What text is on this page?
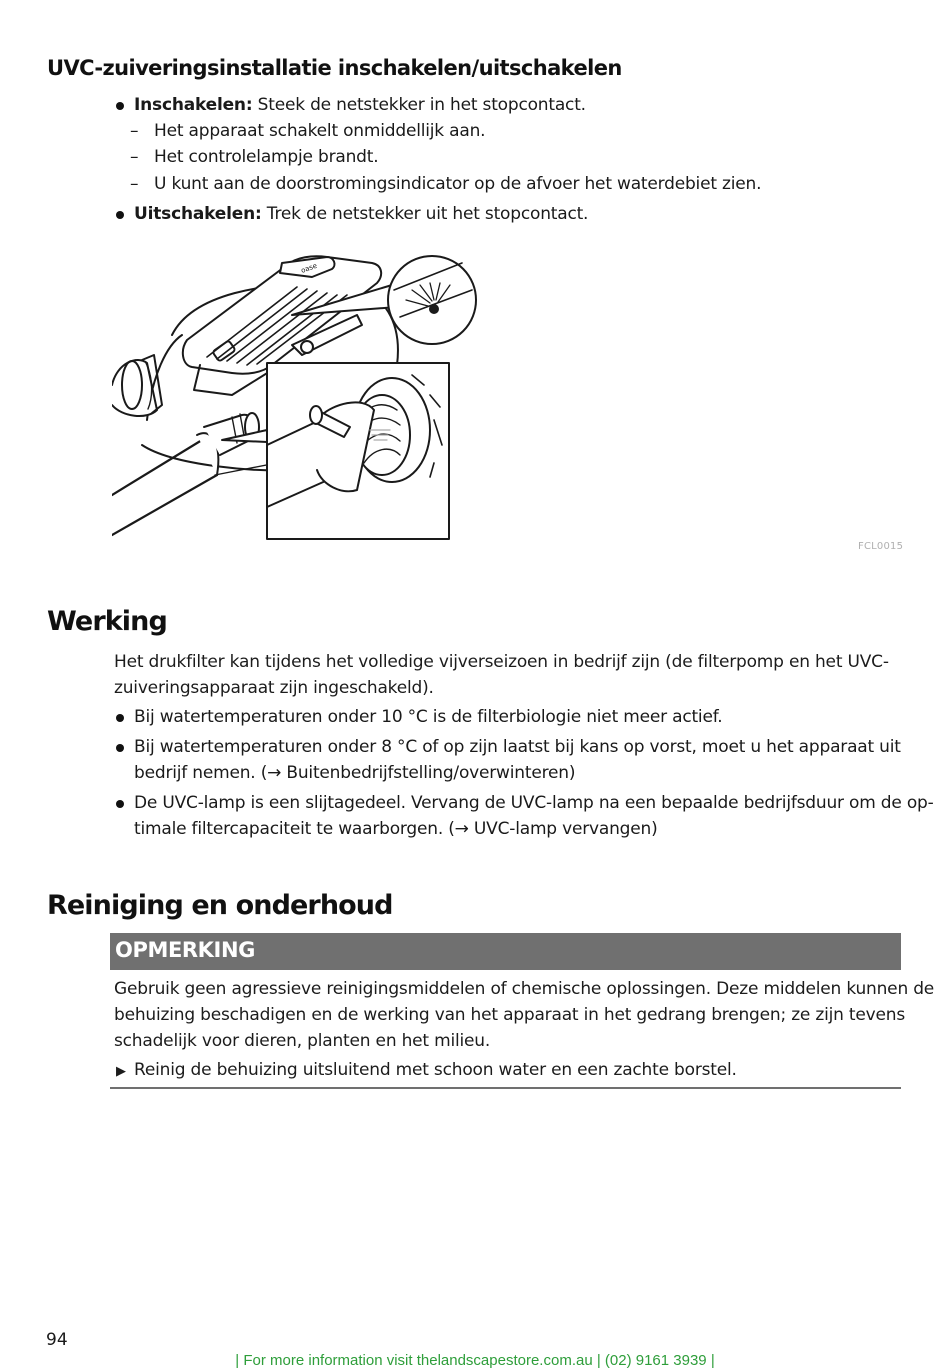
UVC-zuiveringsinstallatie inschakelen/uitschakelen
Inschakelen: Steek de netstekker in het stopcontact.
– Het apparaat schakelt onmiddellijk aan.
– Het controlelampje brandt.
– U kunt aan de doorstromingsindicator op de afvoer het waterdebiet zien.
Uitschakelen: Trek de netstekker uit het stopcontact.
oase
FCL0015
Werking
Het drukfilter kan tijdens het volledige vijverseizoen in bedrijf zijn (de filterpomp en het UVC-
zuiveringsapparaat zijn ingeschakeld).
Bij watertemperaturen onder 10 °C is de filterbiologie niet meer actief.
Bij watertemperaturen onder 8 °C of op zijn laatst bij kans op vorst, moet u het apparaat uit
bedrijf nemen. (→ Buitenbedrijfstelling/overwinteren)
De UVC-lamp is een slijtagedeel. Vervang de UVC-lamp na een bepaalde bedrijfsduur om de op-
timale filtercapaciteit te waarborgen. (→ UVC-lamp vervangen)
Reiniging en onderhoud
OPMERKING
Gebruik geen agressieve reinigingsmiddelen of chemische oplossingen. Deze middelen kunnen de
behuizing beschadigen en de werking van het apparaat in het gedrang brengen; ze zijn tevens
schadelijk voor dieren, planten en het milieu.
▶ Reinig de behuizing uitsluitend met schoon water en een zachte borstel.
94
| For more information visit thelandscapestore.com.au | (02) 9161 3939 |
